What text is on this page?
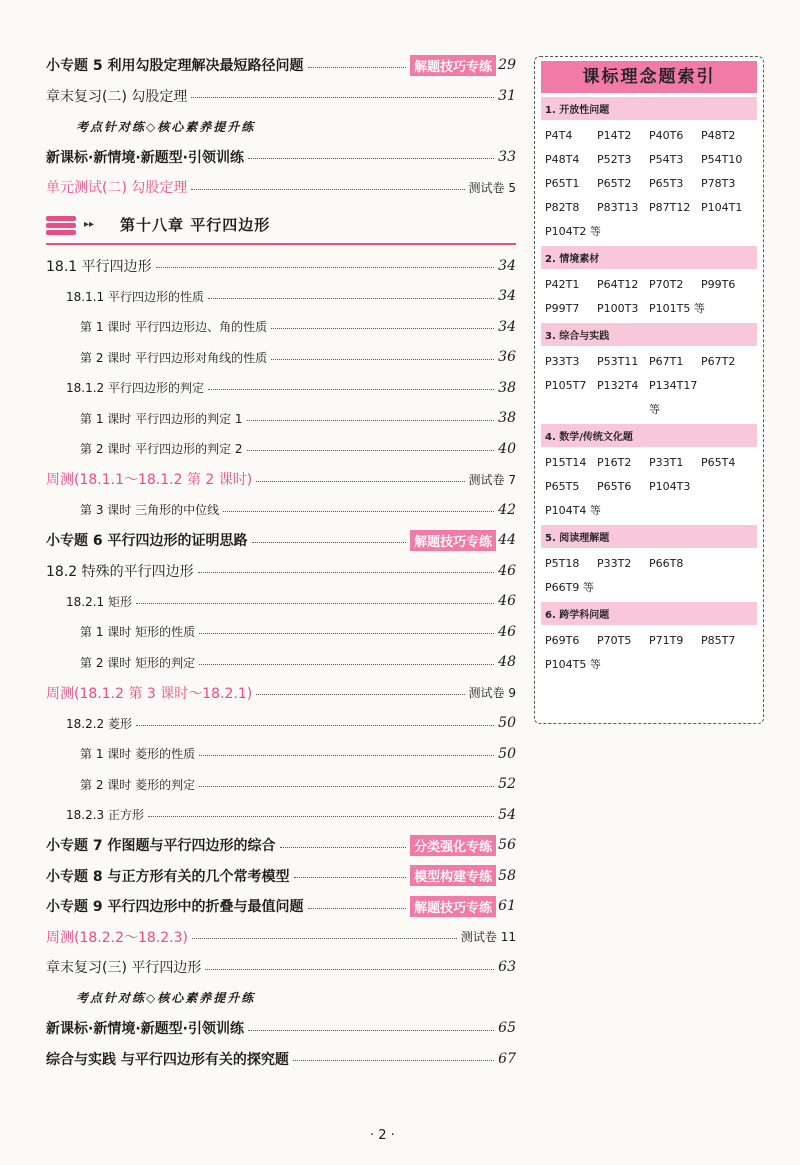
小专题 5 利用勾股定理解决最短路径问题	解题技巧专练 29
章末复习(二) 勾股定理	31
考点针对练◇核心素养提升练
新课标·新情境·新题型·引领训练	33
单元测试(二) 勾股定理	测试卷 5
▸▸ 第十八章 平行四边形
18.1 平行四边形	34
18.1.1 平行四边形的性质	34
第 1 课时 平行四边形边、角的性质	34
第 2 课时 平行四边形对角线的性质	36
18.1.2 平行四边形的判定	38
第 1 课时 平行四边形的判定 1	38
第 2 课时 平行四边形的判定 2	40
周测(18.1.1～18.1.2 第 2 课时)	测试卷 7
第 3 课时 三角形的中位线	42
小专题 6 平行四边形的证明思路	解题技巧专练 44
18.2 特殊的平行四边形	46
18.2.1 矩形	46
第 1 课时 矩形的性质	46
第 2 课时 矩形的判定	48
周测(18.1.2 第 3 课时～18.2.1)	测试卷 9
18.2.2 菱形	50
第 1 课时 菱形的性质	50
第 2 课时 菱形的判定	52
18.2.3 正方形	54
小专题 7 作图题与平行四边形的综合	分类强化专练 56
小专题 8 与正方形有关的几个常考模型	模型构建专练 58
小专题 9 平行四边形中的折叠与最值问题	解题技巧专练 61
周测(18.2.2～18.2.3)	测试卷 11
章末复习(三) 平行四边形	63
考点针对练◇核心素养提升练
新课标·新情境·新题型·引领训练	65
综合与实践 与平行四边形有关的探究题	67
课标理念题索引
1. 开放性问题
P4T4	P14T2	P40T6	P48T2
P48T4	P52T3	P54T3	P54T10
P65T1	P65T2	P65T3	P78T3
P82T8	P83T13 P87T12 P104T1
P104T2 等
2. 情境素材
P42T1	P64T12 P70T2	P99T6
P99T7	P100T3 P101T5 等
3. 综合与实践
P33T3	P53T11 P67T1	P67T2
P105T7 P132T4 P134T17 等
4. 数学/传统文化题
P15T14 P16T2	P33T1	P65T4
P65T5	P65T6	P104T3
P104T4 等
5. 阅读理解题
P5T18	P33T2	P66T8
P66T9 等
6. 跨学科问题
P69T6	P70T5	P71T9	P85T7
P104T5 等
· 2 ·
